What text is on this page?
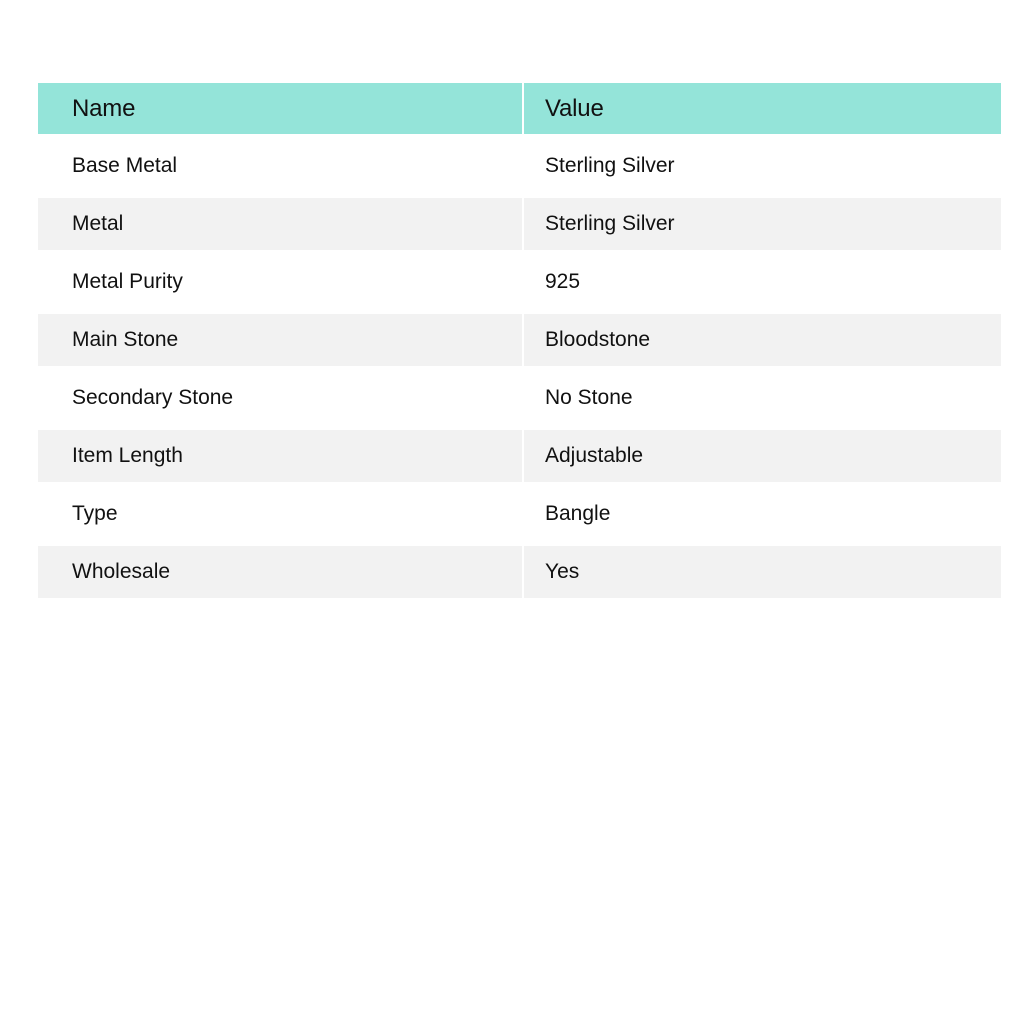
Name	Value
Base Metal	Sterling Silver
Metal	Sterling Silver
Metal Purity	925
Main Stone	Bloodstone
Secondary Stone	No Stone
Item Length	Adjustable
Type	Bangle
Wholesale	Yes
